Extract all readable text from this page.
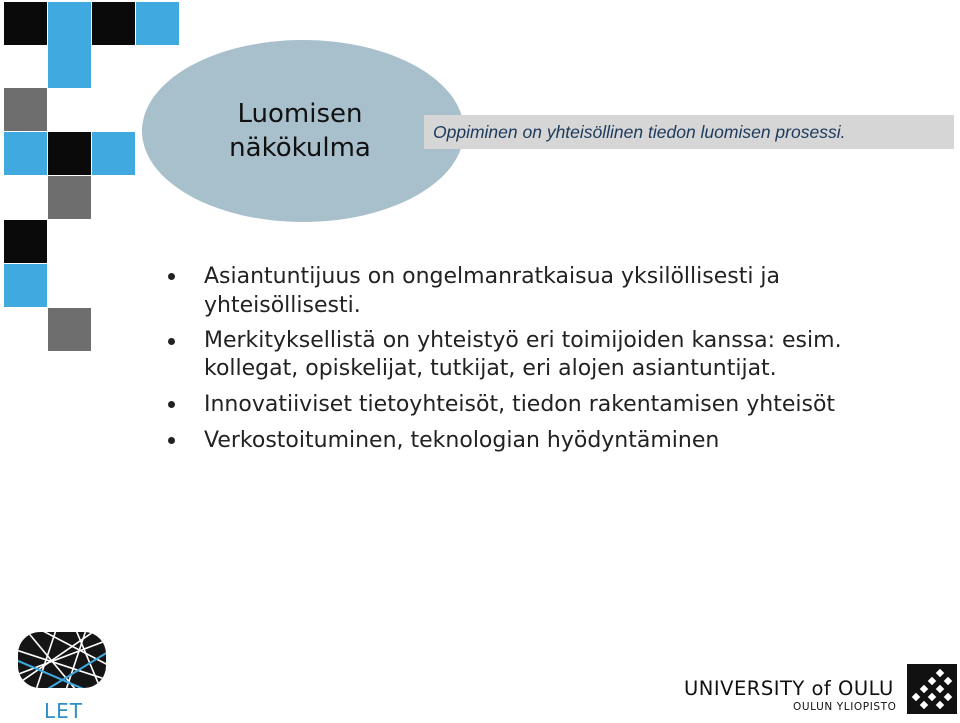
Luomisen
näkökulma
Oppiminen on yhteisöllinen tiedon luomisen prosessi.
Asiantuntijuus on ongelmanratkaisua yksilöllisesti ja yhteisöllisesti.
Merkityksellistä on yhteistyö eri toimijoiden kanssa: esim. kollegat, opiskelijat, tutkijat, eri alojen asiantuntijat.
Innovatiiviset tietoyhteisöt, tiedon rakentamisen yhteisöt
Verkostoituminen, teknologian hyödyntäminen
LET
UNIVERSITY of OULU
OULUN YLIOPISTO
